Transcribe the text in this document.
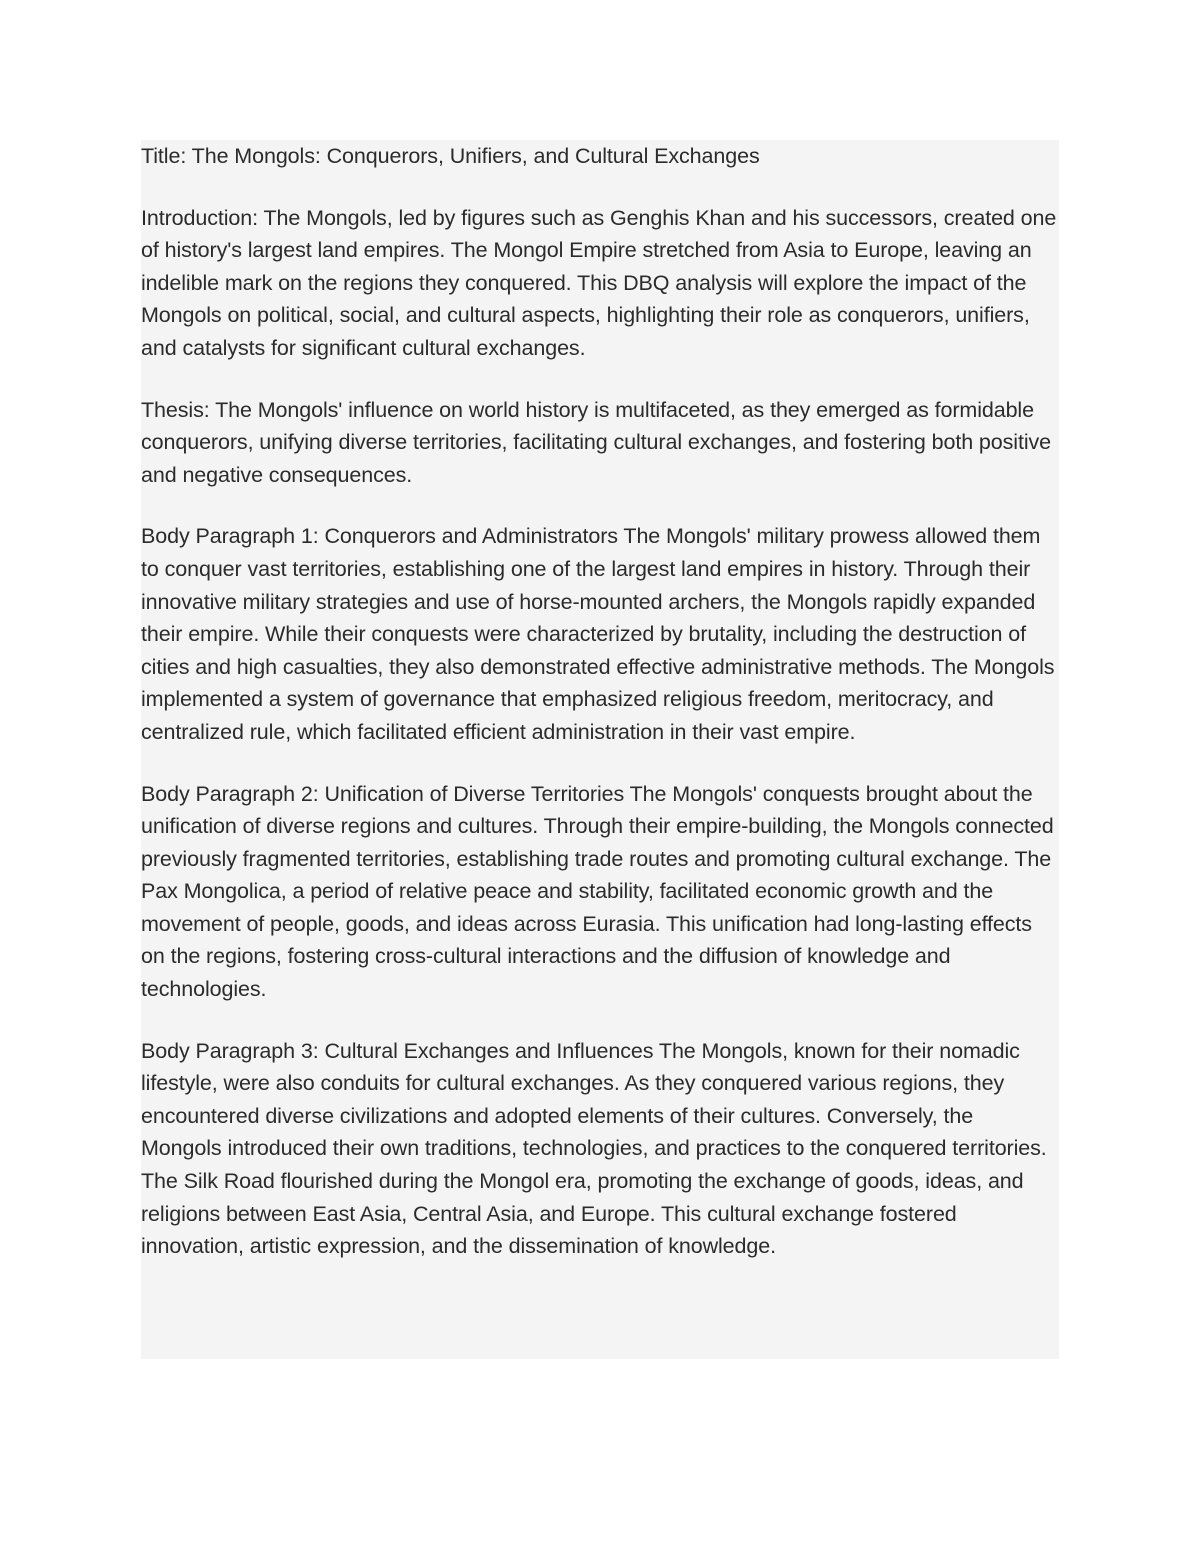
Title: The Mongols: Conquerors, Unifiers, and Cultural Exchanges

Introduction: The Mongols, led by figures such as Genghis Khan and his successors, created one of history's largest land empires. The Mongol Empire stretched from Asia to Europe, leaving an indelible mark on the regions they conquered. This DBQ analysis will explore the impact of the Mongols on political, social, and cultural aspects, highlighting their role as conquerors, unifiers, and catalysts for significant cultural exchanges.

Thesis: The Mongols' influence on world history is multifaceted, as they emerged as formidable conquerors, unifying diverse territories, facilitating cultural exchanges, and fostering both positive and negative consequences.

Body Paragraph 1: Conquerors and Administrators The Mongols' military prowess allowed them to conquer vast territories, establishing one of the largest land empires in history. Through their innovative military strategies and use of horse-mounted archers, the Mongols rapidly expanded their empire. While their conquests were characterized by brutality, including the destruction of cities and high casualties, they also demonstrated effective administrative methods. The Mongols implemented a system of governance that emphasized religious freedom, meritocracy, and centralized rule, which facilitated efficient administration in their vast empire.

Body Paragraph 2: Unification of Diverse Territories The Mongols' conquests brought about the unification of diverse regions and cultures. Through their empire-building, the Mongols connected previously fragmented territories, establishing trade routes and promoting cultural exchange. The Pax Mongolica, a period of relative peace and stability, facilitated economic growth and the movement of people, goods, and ideas across Eurasia. This unification had long-lasting effects on the regions, fostering cross-cultural interactions and the diffusion of knowledge and technologies.

Body Paragraph 3: Cultural Exchanges and Influences The Mongols, known for their nomadic lifestyle, were also conduits for cultural exchanges. As they conquered various regions, they encountered diverse civilizations and adopted elements of their cultures. Conversely, the Mongols introduced their own traditions, technologies, and practices to the conquered territories. The Silk Road flourished during the Mongol era, promoting the exchange of goods, ideas, and religions between East Asia, Central Asia, and Europe. This cultural exchange fostered innovation, artistic expression, and the dissemination of knowledge.
